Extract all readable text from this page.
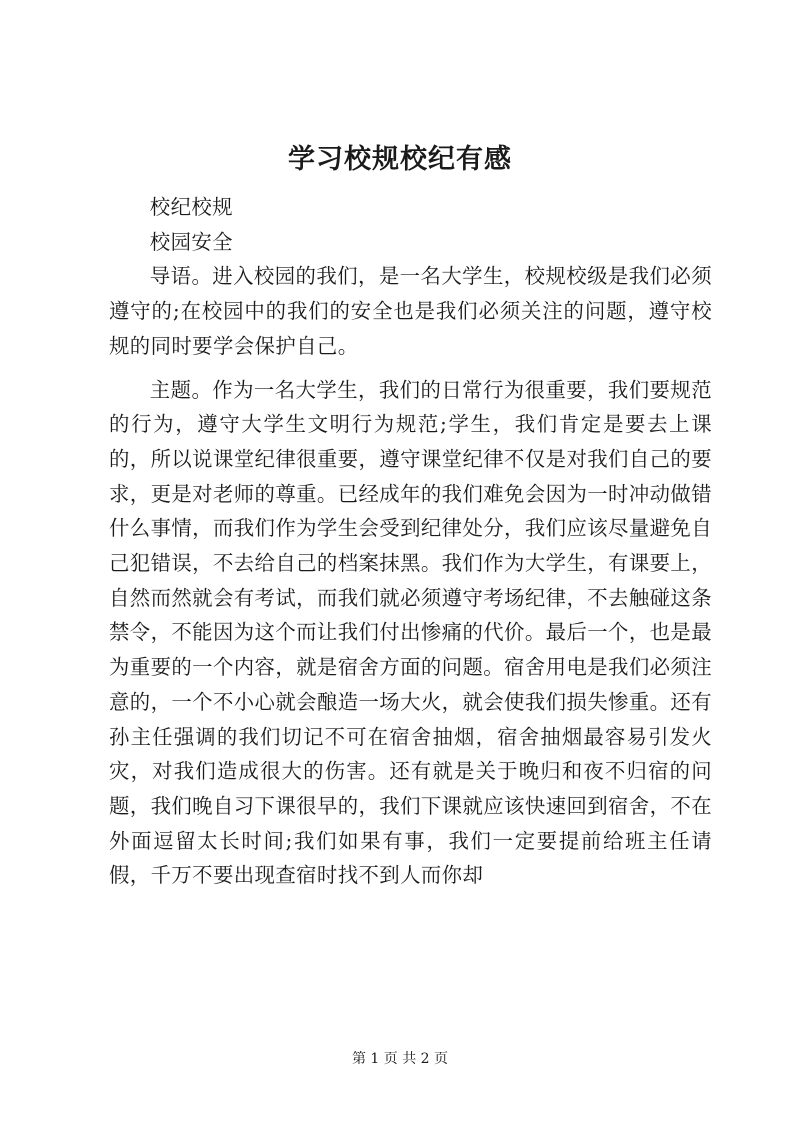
学习校规校纪有感

校纪校规

校园安全

导语。进入校园的我们，是一名大学生，校规校级是我们必须遵守的;在校园中的我们的安全也是我们必须关注的问题，遵守校规的同时要学会保护自己。

主题。作为一名大学生，我们的日常行为很重要，我们要规范的行为，遵守大学生文明行为规范;学生，我们肯定是要去上课的，所以说课堂纪律很重要，遵守课堂纪律不仅是对我们自己的要求，更是对老师的尊重。已经成年的我们难免会因为一时冲动做错什么事情，而我们作为学生会受到纪律处分，我们应该尽量避免自己犯错误，不去给自己的档案抹黑。我们作为大学生，有课要上，自然而然就会有考试，而我们就必须遵守考场纪律，不去触碰这条禁令，不能因为这个而让我们付出惨痛的代价。最后一个，也是最为重要的一个内容，就是宿舍方面的问题。宿舍用电是我们必须注意的，一个不小心就会酿造一场大火，就会使我们损失惨重。还有孙主任强调的我们切记不可在宿舍抽烟，宿舍抽烟最容易引发火灾，对我们造成很大的伤害。还有就是关于晚归和夜不归宿的问题，我们晚自习下课很早的，我们下课就应该快速回到宿舍，不在外面逗留太长时间;我们如果有事，我们一定要提前给班主任请假，千万不要出现查宿时找不到人而你却

第 1 页 共 2 页
